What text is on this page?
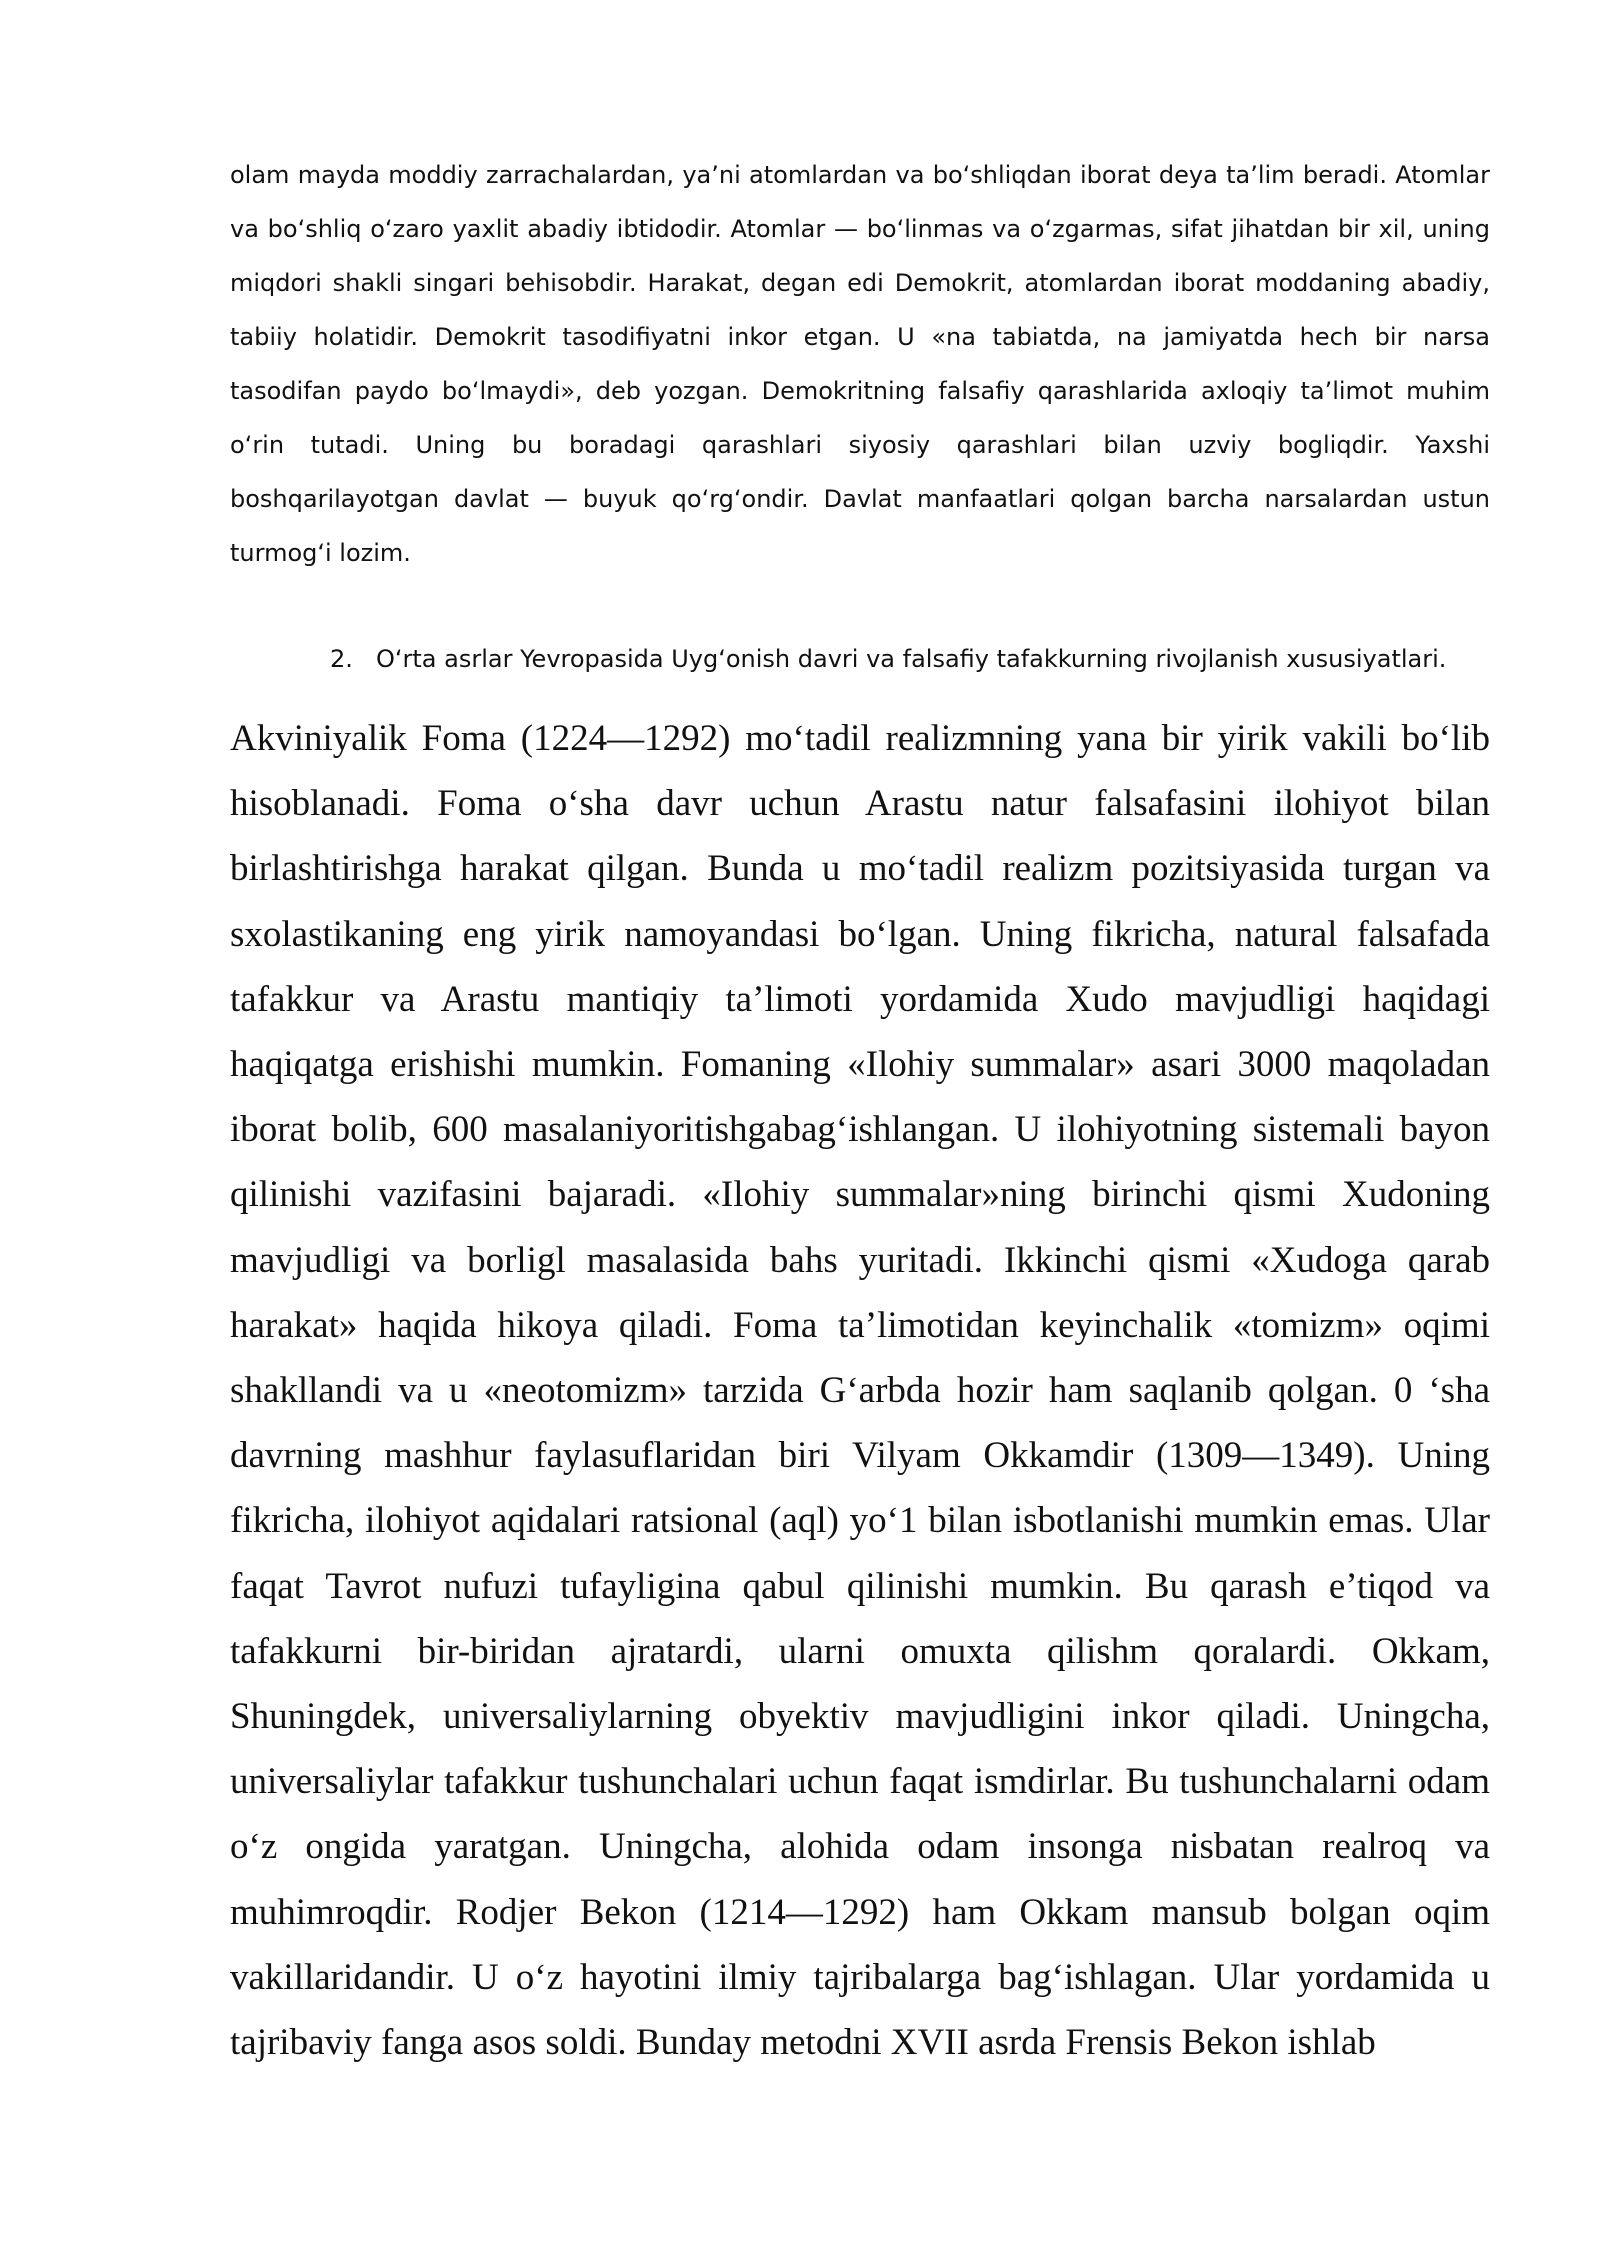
olam mayda moddiy zarrachalardan, ya’ni atomlardan va bo‘shliqdan iborat deya ta’lim beradi. Atomlar va bo‘shliq o‘zaro yaxlit abadiy ibtidodir. Atomlar — bo‘linmas va o‘zgarmas, sifat jihatdan bir xil, uning miqdori shakli singari behisobdir. Harakat, degan edi Demokrit, atomlardan iborat moddaning abadiy, tabiiy holatidir. Demokrit tasodifiyatni inkor etgan. U «na tabiatda, na jamiyatda hech bir narsa tasodifan paydo bo‘lmaydi», deb yozgan. Demokritning falsafiy qarashlarida axloqiy ta’limot muhim o‘rin tutadi. Uning bu boradagi qarashlari siyosiy qarashlari bilan uzviy bogliqdir. Yaxshi boshqarilayotgan davlat — buyuk qo‘rg‘ondir. Davlat manfaatlari qolgan barcha narsalardan ustun turmog‘i lozim.

2. O‘rta asrlar Yevropasida Uyg‘onish davri va falsafiy tafakkurning rivojlanish xususiyatlari.

Akviniyalik Foma (1224—1292) mo‘tadil realizmning yana bir yirik vakili bo‘lib hisoblanadi. Foma o‘sha davr uchun Arastu natur falsafasini ilohiyot bilan birlashtirishga harakat qilgan. Bunda u mo‘tadil realizm pozitsiyasida turgan va sxolastikaning eng yirik namoyandasi bo‘lgan. Uning fikricha, natural falsafada tafakkur va Arastu mantiqiy ta’limoti yordamida Xudo mavjudligi haqidagi haqiqatga erishishi mumkin. Fomaning «Ilohiy summalar» asari 3000 maqoladan iborat bolib, 600 masalaniyoritishgabag‘ishlangan. U ilohiyotning sistemali bayon qilinishi vazifasini bajaradi. «Ilohiy summalar»ning birinchi qismi Xudoning mavjudligi va borligl masalasida bahs yuritadi. Ikkinchi qismi «Xudoga qarab harakat» haqida hikoya qiladi. Foma ta’limotidan keyinchalik «tomizm» oqimi shakllandi va u «neotomizm» tarzida G‘arbda hozir ham saqlanib qolgan. 0 ‘sha davrning mashhur faylasuflaridan biri Vilyam Okkamdir (1309—1349). Uning fikricha, ilohiyot aqidalari ratsional (aql) yo‘1 bilan isbotlanishi mumkin emas. Ular faqat Tavrot nufuzi tufayligina qabul qilinishi mumkin. Bu qarash e’tiqod va tafakkurni bir-biridan ajratardi, ularni omuxta qilishm qoralardi. Okkam, Shuningdek, universaliylarning obyektiv mavjudligini inkor qiladi. Uningcha, universaliylar tafakkur tushunchalari uchun faqat ismdirlar. Bu tushunchalarni odam o‘z ongida yaratgan. Uningcha, alohida odam insonga nisbatan realroq va muhimroqdir. Rodjer Bekon (1214—1292) ham Okkam mansub bolgan oqim vakillaridandir. U o‘z hayotini ilmiy tajribalarga bag‘ishlagan. Ular yordamida u tajribaviy fanga asos soldi. Bunday metodni XVII asrda Frensis Bekon ishlab
